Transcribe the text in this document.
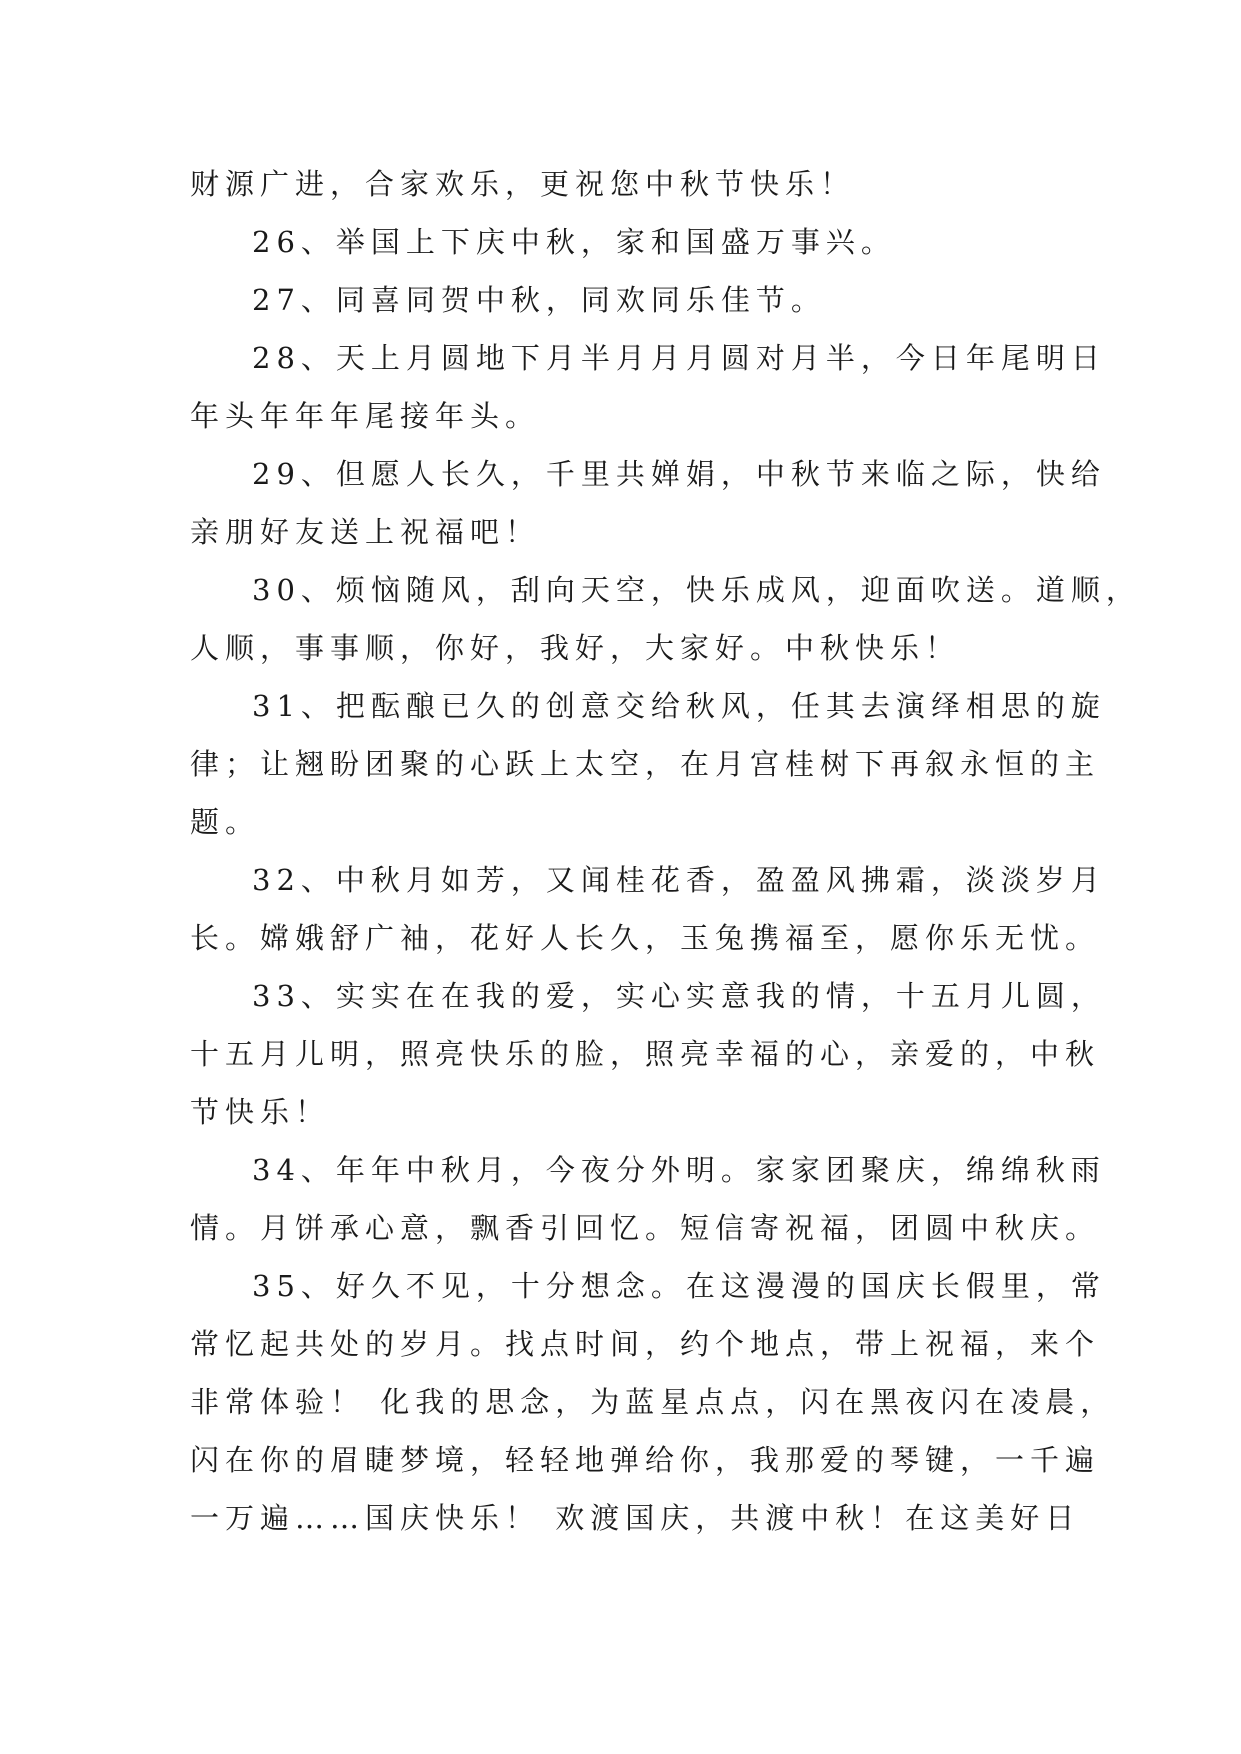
财源广进，合家欢乐，更祝您中秋节快乐！

26、举国上下庆中秋，家和国盛万事兴。

27、同喜同贺中秋，同欢同乐佳节。

28、天上月圆地下月半月月月圆对月半，今日年尾明日
年头年年年尾接年头。

29、但愿人长久，千里共婵娟，中秋节来临之际，快给
亲朋好友送上祝福吧！

30、烦恼随风，刮向天空，快乐成风，迎面吹送。道顺，
人顺，事事顺，你好，我好，大家好。中秋快乐！

31、把酝酿已久的创意交给秋风，任其去演绎相思的旋
律；让翘盼团聚的心跃上太空，在月宫桂树下再叙永恒的主
题。

32、中秋月如芳，又闻桂花香，盈盈风拂霜，淡淡岁月
长。嫦娥舒广袖，花好人长久，玉兔携福至，愿你乐无忧。

33、实实在在我的爱，实心实意我的情，十五月儿圆，
十五月儿明，照亮快乐的脸，照亮幸福的心，亲爱的，中秋
节快乐！

34、年年中秋月，今夜分外明。家家团聚庆，绵绵秋雨
情。月饼承心意，飘香引回忆。短信寄祝福，团圆中秋庆。

35、好久不见，十分想念。在这漫漫的国庆长假里，常
常忆起共处的岁月。找点时间，约个地点，带上祝福，来个
非常体验！ 化我的思念，为蓝星点点，闪在黑夜闪在凌晨，
闪在你的眉睫梦境，轻轻地弹给你，我那爱的琴键，一千遍
一万遍……国庆快乐！ 欢渡国庆，共渡中秋！在这美好日
